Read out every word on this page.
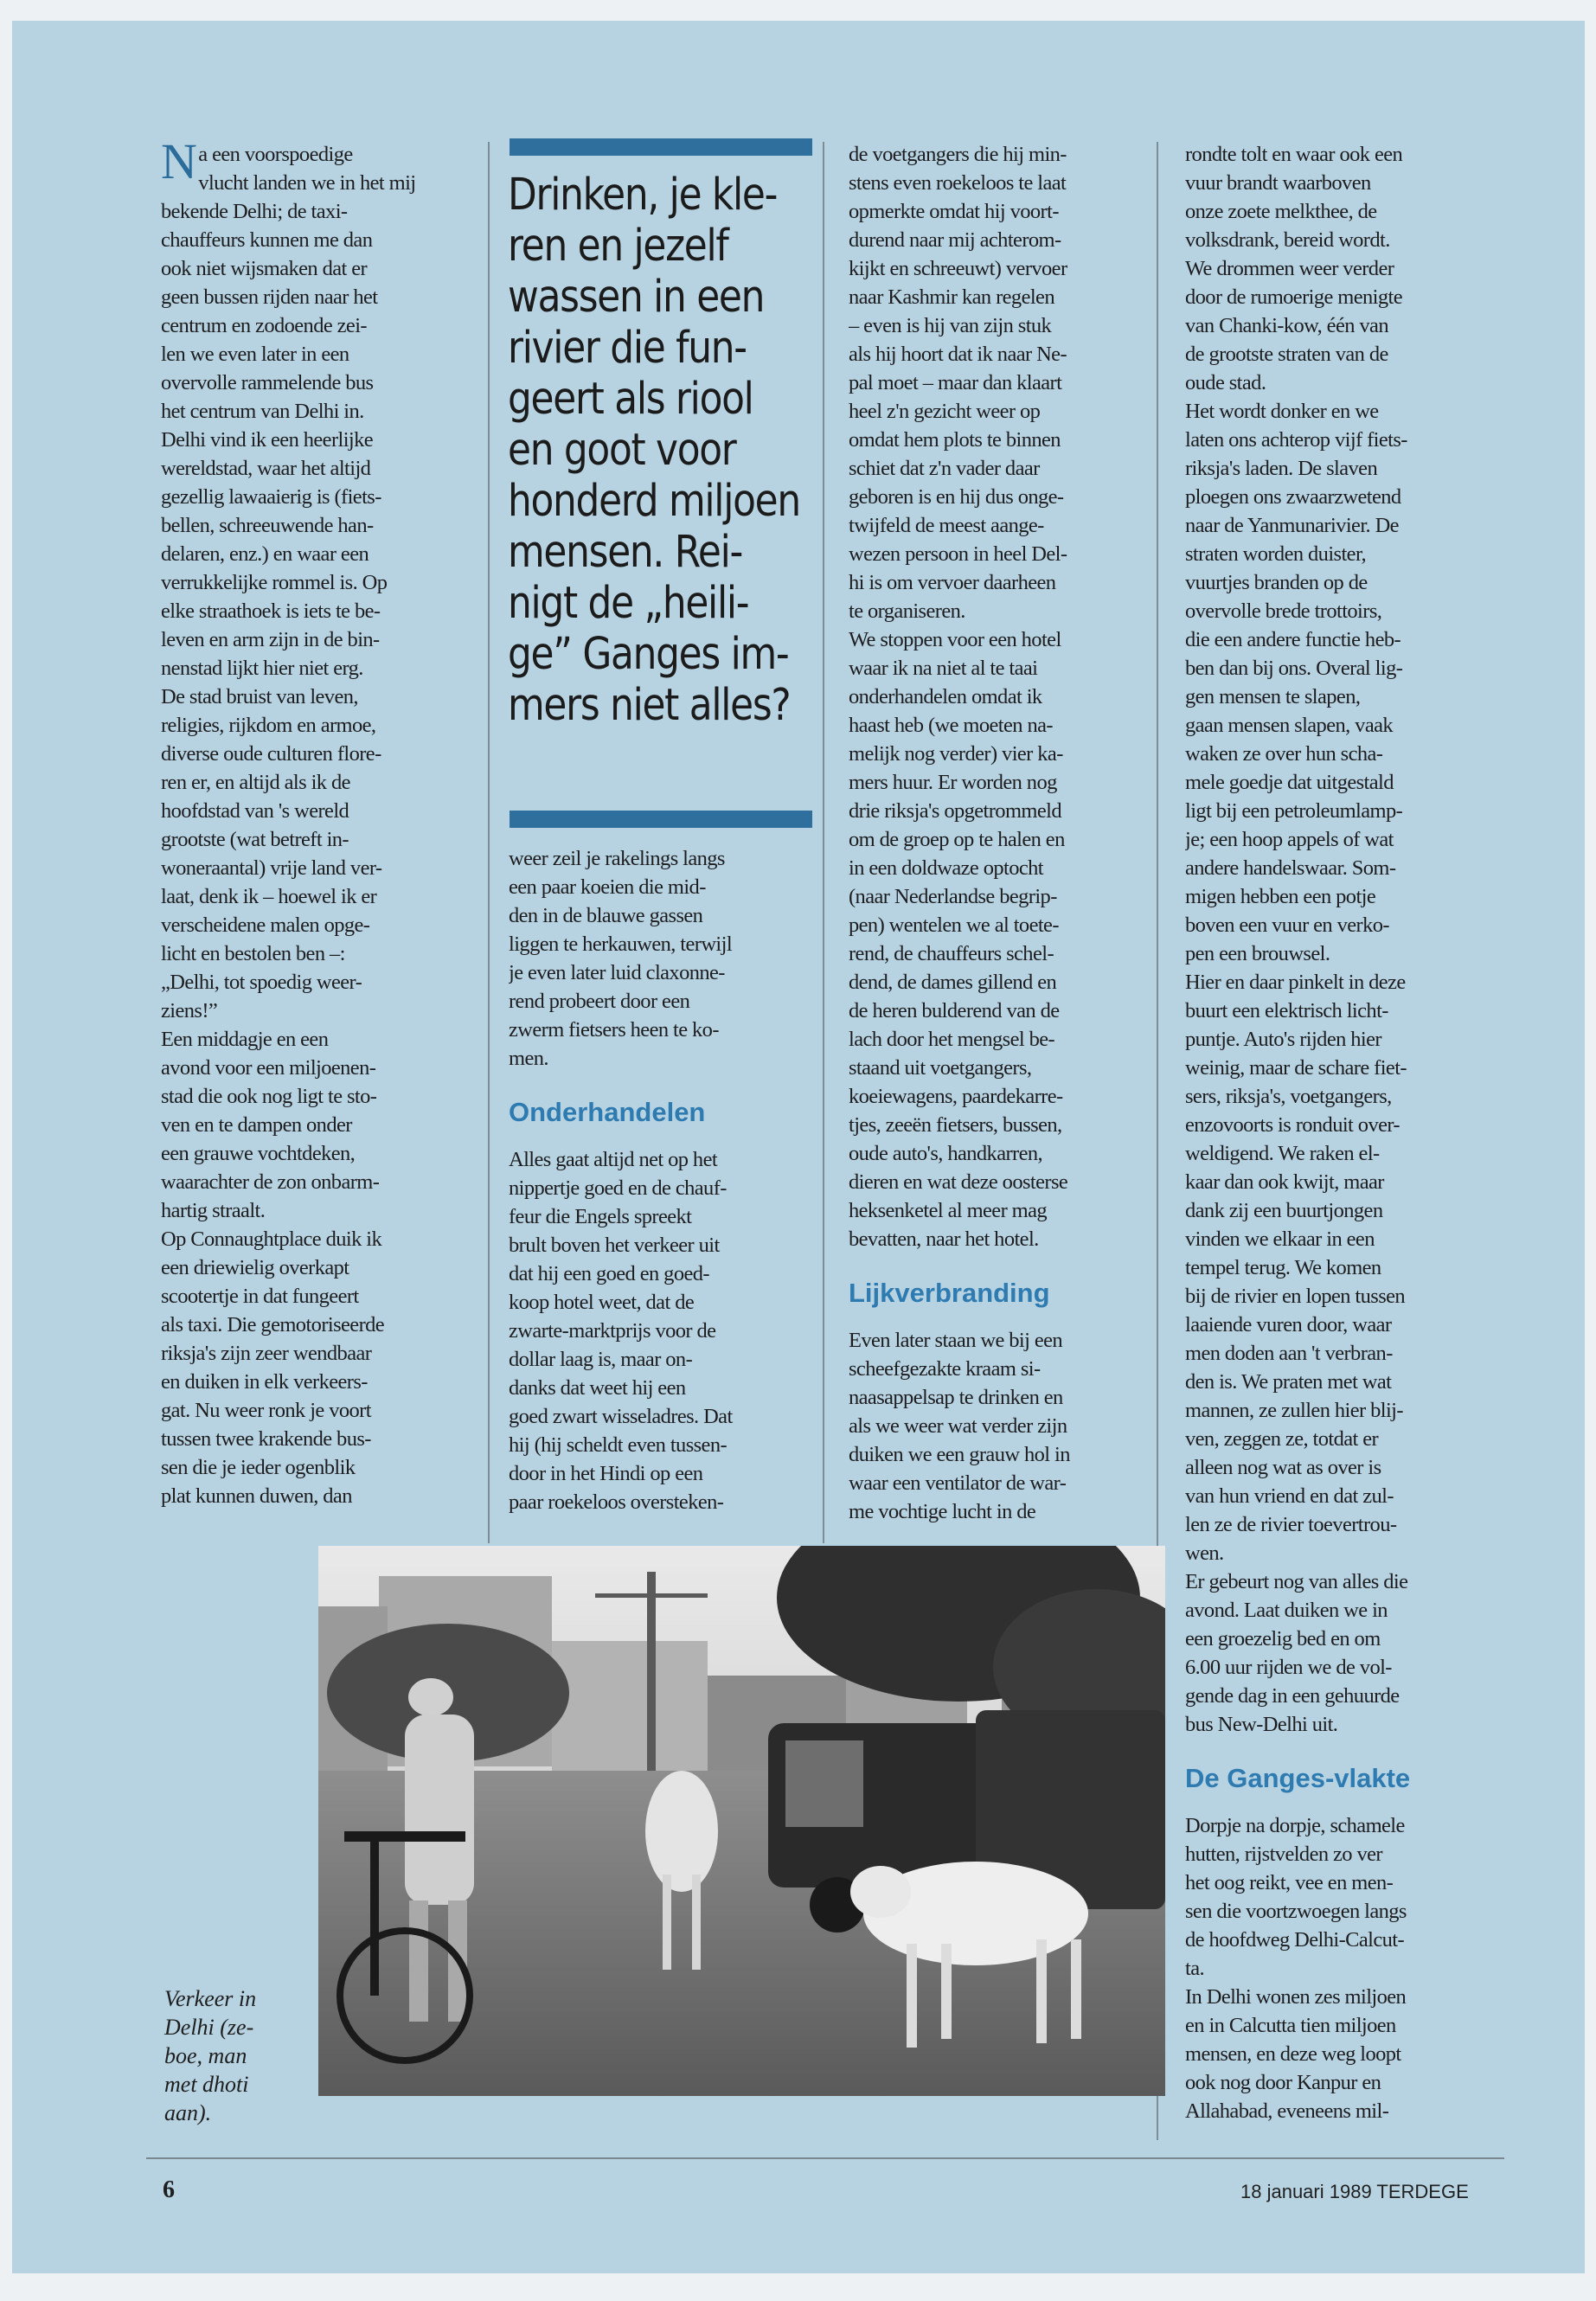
Na een voorspoedige
vlucht landen we in het mij
bekende Delhi; de taxi-
chauffeurs kunnen me dan
ook niet wijsmaken dat er
geen bussen rijden naar het
centrum en zodoende zei-
len we even later in een
overvolle rammelende bus
het centrum van Delhi in.
Delhi vind ik een heerlijke
wereldstad, waar het altijd
gezellig lawaaierig is (fiets-
bellen, schreeuwende han-
delaren, enz.) en waar een
verrukkelijke rommel is. Op
elke straathoek is iets te be-
leven en arm zijn in de bin-
nenstad lijkt hier niet erg.
De stad bruist van leven,
religies, rijkdom en armoe,
diverse oude culturen flore-
ren er, en altijd als ik de
hoofdstad van 's wereld
grootste (wat betreft in-
woneraantal) vrije land ver-
laat, denk ik – hoewel ik er
verscheidene malen opge-
licht en bestolen ben –:
„Delhi, tot spoedig weer-
ziens!”
Een middagje en een
avond voor een miljoenen-
stad die ook nog ligt te sto-
ven en te dampen onder
een grauwe vochtdeken,
waarachter de zon onbarm-
hartig straalt.
Op Connaughtplace duik ik
een driewielig overkapt
scootertje in dat fungeert
als taxi. Die gemotoriseerde
riksja's zijn zeer wendbaar
en duiken in elk verkeers-
gat. Nu weer ronk je voort
tussen twee krakende bus-
sen die je ieder ogenblik
plat kunnen duwen, dan
Drinken, je kle-
ren en jezelf
wassen in een
rivier die fun-
geert als riool
en goot voor
honderd miljoen
mensen. Rei-
nigt de „heili-
ge” Ganges im-
mers niet alles?
weer zeil je rakelings langs
een paar koeien die mid-
den in de blauwe gassen
liggen te herkauwen, terwijl
je even later luid claxonne-
rend probeert door een
zwerm fietsers heen te ko-
men.
Onderhandelen
Alles gaat altijd net op het
nippertje goed en de chauf-
feur die Engels spreekt
brult boven het verkeer uit
dat hij een goed en goed-
koop hotel weet, dat de
zwarte-marktprijs voor de
dollar laag is, maar on-
danks dat weet hij een
goed zwart wisseladres. Dat
hij (hij scheldt even tussen-
door in het Hindi op een
paar roekeloos oversteken-
de voetgangers die hij min-
stens even roekeloos te laat
opmerkte omdat hij voort-
durend naar mij achterom-
kijkt en schreeuwt) vervoer
naar Kashmir kan regelen
– even is hij van zijn stuk
als hij hoort dat ik naar Ne-
pal moet – maar dan klaart
heel z'n gezicht weer op
omdat hem plots te binnen
schiet dat z'n vader daar
geboren is en hij dus onge-
twijfeld de meest aange-
wezen persoon in heel Del-
hi is om vervoer daarheen
te organiseren.
We stoppen voor een hotel
waar ik na niet al te taai
onderhandelen omdat ik
haast heb (we moeten na-
melijk nog verder) vier ka-
mers huur. Er worden nog
drie riksja's opgetrommeld
om de groep op te halen en
in een doldwaze optocht
(naar Nederlandse begrip-
pen) wentelen we al toete-
rend, de chauffeurs schel-
dend, de dames gillend en
de heren bulderend van de
lach door het mengsel be-
staand uit voetgangers,
koeiewagens, paardekarre-
tjes, zeeën fietsers, bussen,
oude auto's, handkarren,
dieren en wat deze oosterse
heksenketel al meer mag
bevatten, naar het hotel.
Lijkverbranding
Even later staan we bij een
scheefgezakte kraam si-
naasappelsap te drinken en
als we weer wat verder zijn
duiken we een grauw hol in
waar een ventilator de war-
me vochtige lucht in de
rondte tolt en waar ook een
vuur brandt waarboven
onze zoete melkthee, de
volksdrank, bereid wordt.
We drommen weer verder
door de rumoerige menigte
van Chanki-kow, één van
de grootste straten van de
oude stad.
Het wordt donker en we
laten ons achterop vijf fiets-
riksja's laden. De slaven
ploegen ons zwaarzwetend
naar de Yanmunarivier. De
straten worden duister,
vuurtjes branden op de
overvolle brede trottoirs,
die een andere functie heb-
ben dan bij ons. Overal lig-
gen mensen te slapen,
gaan mensen slapen, vaak
waken ze over hun scha-
mele goedje dat uitgestald
ligt bij een petroleumlamp-
je; een hoop appels of wat
andere handelswaar. Som-
migen hebben een potje
boven een vuur en verko-
pen een brouwsel.
Hier en daar pinkelt in deze
buurt een elektrisch licht-
puntje. Auto's rijden hier
weinig, maar de schare fiet-
sers, riksja's, voetgangers,
enzovoorts is ronduit over-
weldigend. We raken el-
kaar dan ook kwijt, maar
dank zij een buurtjongen
vinden we elkaar in een
tempel terug. We komen
bij de rivier en lopen tussen
laaiende vuren door, waar
men doden aan 't verbran-
den is. We praten met wat
mannen, ze zullen hier blij-
ven, zeggen ze, totdat er
alleen nog wat as over is
van hun vriend en dat zul-
len ze de rivier toevertrou-
wen.
Er gebeurt nog van alles die
avond. Laat duiken we in
een groezelig bed en om
6.00 uur rijden we de vol-
gende dag in een gehuurde
bus New-Delhi uit.
De Ganges-vlakte
Dorpje na dorpje, schamele
hutten, rijstvelden zo ver
het oog reikt, vee en men-
sen die voortzwoegen langs
de hoofdweg Delhi-Calcut-
ta.
In Delhi wonen zes miljoen
en in Calcutta tien miljoen
mensen, en deze weg loopt
ook nog door Kanpur en
Allahabad, eveneens mil-
Verkeer in
Delhi (ze-
boe, man
met dhoti
aan).
6	18 januari 1989 TERDEGE
